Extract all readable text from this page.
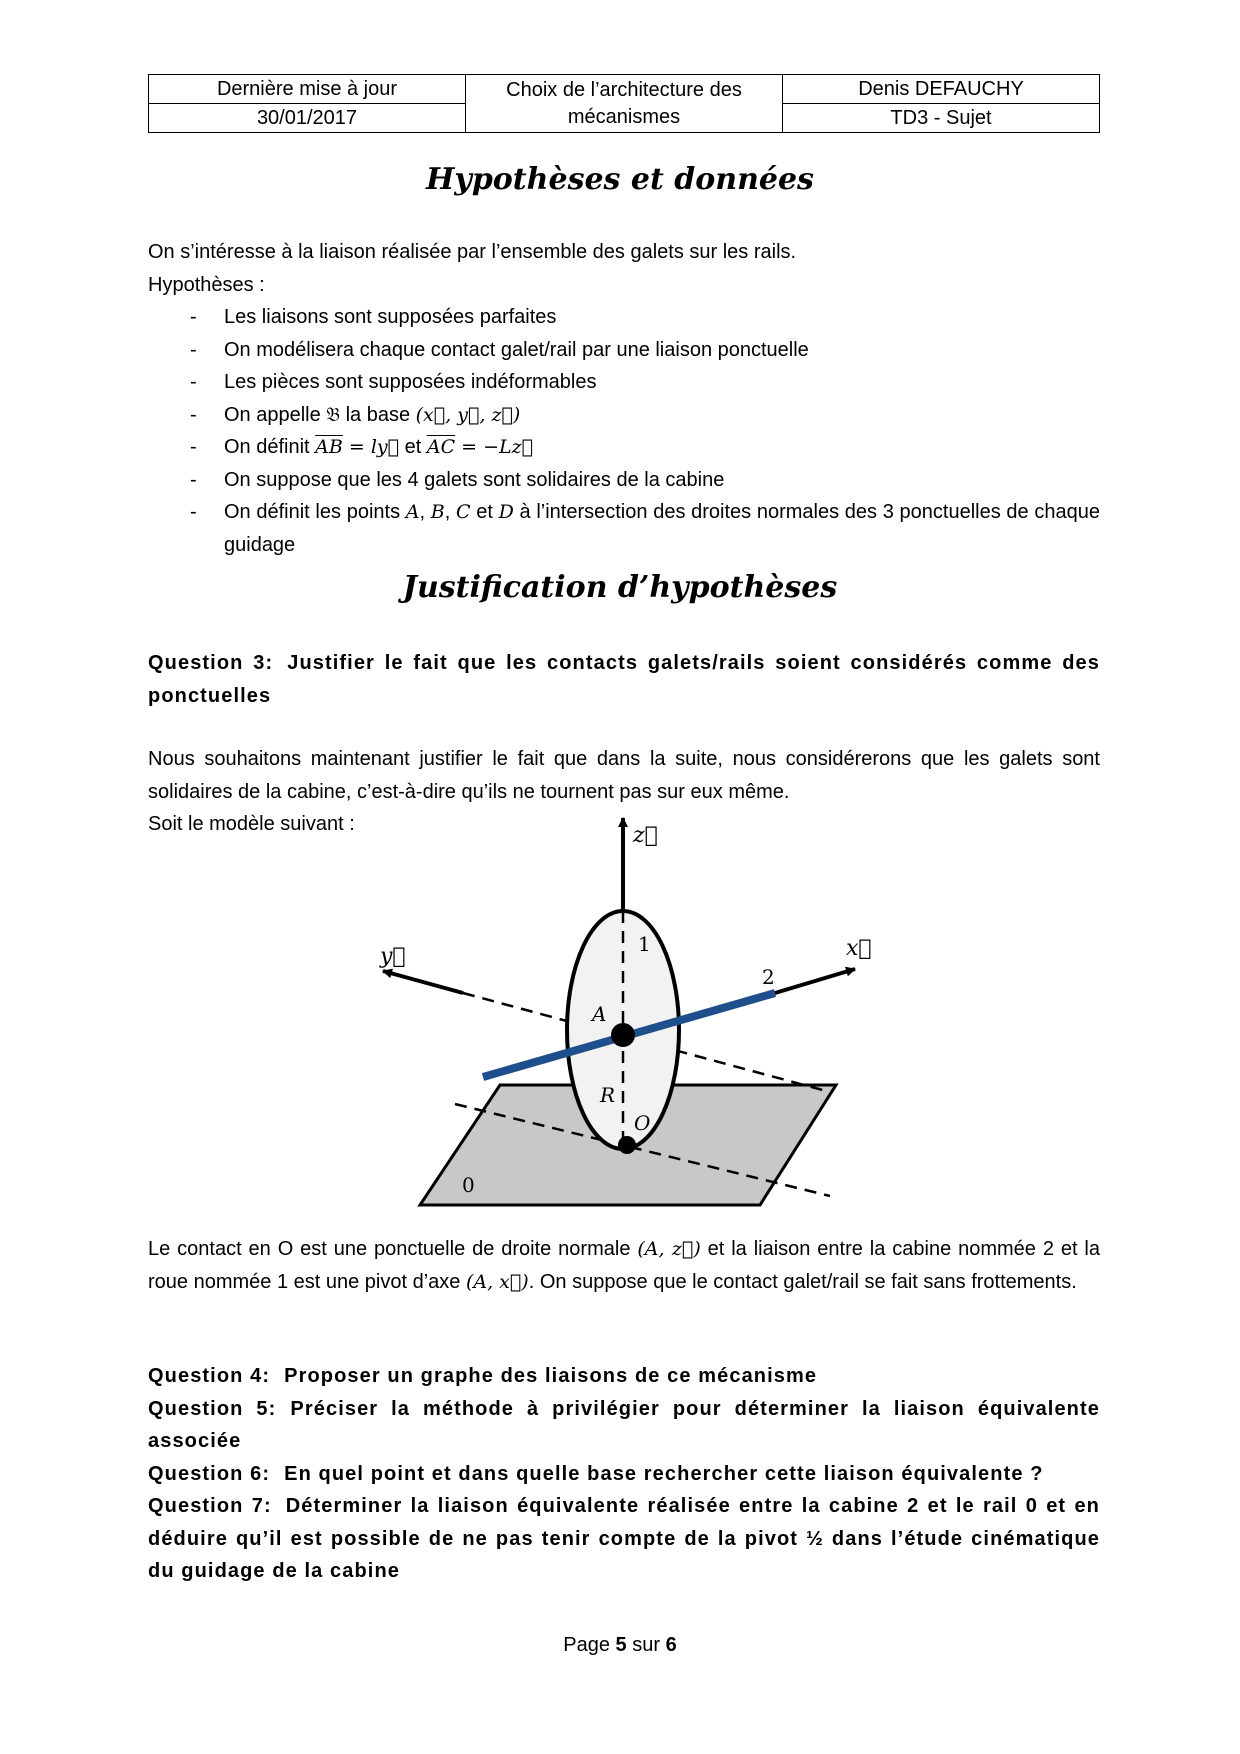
Dernière mise à jour	Choix de l’architecture des mécanismes	Denis DEFAUCHY
30/01/2017		TD3 - Sujet
Hypothèses et données
On s’intéresse à la liaison réalisée par l’ensemble des galets sur les rails.
Hypothèses :
- Les liaisons sont supposées parfaites
- On modélisera chaque contact galet/rail par une liaison ponctuelle
- Les pièces sont supposées indéformables
- On appelle 𝔅 la base (x⃗, y⃗, z⃗)
- On définit $\overline{AB}$ = ly⃗ et $\overline{AC}$ = −Lz⃗
- On suppose que les 4 galets sont solidaires de la cabine
- On définit les points A, B, C et D à l’intersection des droites normales des 3 ponctuelles de chaque guidage
Justification d’hypothèses
Question 3: Justifier le fait que les contacts galets/rails soient considérés comme des ponctuelles
Nous souhaitons maintenant justifier le fait que dans la suite, nous considérerons que les galets sont solidaires de la cabine, c’est-à-dire qu’ils ne tournent pas sur eux même.
Soit le modèle suivant :	z⃗
y⃗	x⃗
1
2
0
A
R
O
Le contact en O est une ponctuelle de droite normale (A, z⃗) et la liaison entre la cabine nommée 2 et la roue nommée 1 est une pivot d’axe (A, x⃗). On suppose que le contact galet/rail se fait sans frottements.
Question 4: Proposer un graphe des liaisons de ce mécanisme
Question 5: Préciser la méthode à privilégier pour déterminer la liaison équivalente associée
Question 6: En quel point et dans quelle base rechercher cette liaison équivalente ?
Question 7: Déterminer la liaison équivalente réalisée entre la cabine 2 et le rail 0 et en déduire qu’il est possible de ne pas tenir compte de la pivot ½ dans l’étude cinématique du guidage de la cabine
Page 5 sur 6
